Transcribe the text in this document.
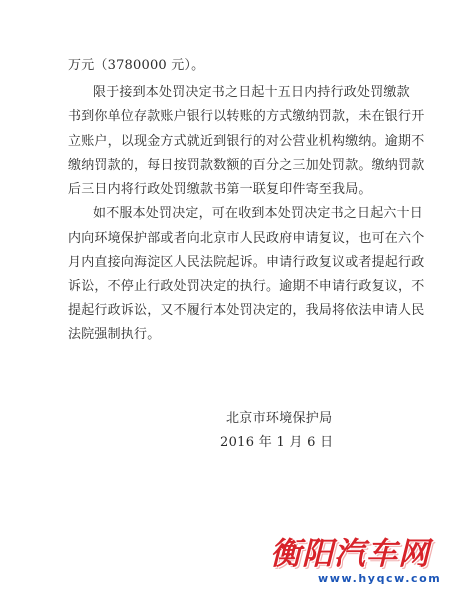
万元（3780000 元）。
限于接到本处罚决定书之日起十五日内持行政处罚缴款
书到你单位存款账户银行以转账的方式缴纳罚款，未在银行开
立账户，以现金方式就近到银行的对公营业机构缴纳。逾期不
缴纳罚款的，每日按罚款数额的百分之三加处罚款。缴纳罚款
后三日内将行政处罚缴款书第一联复印件寄至我局。
如不服本处罚决定，可在收到本处罚决定书之日起六十日
内向环境保护部或者向北京市人民政府申请复议，也可在六个
月内直接向海淀区人民法院起诉。申请行政复议或者提起行政
诉讼，不停止行政处罚决定的执行。逾期不申请行政复议，不
提起行政诉讼，又不履行本处罚决定的，我局将依法申请人民
法院强制执行。
北京市环境保护局
2016 年 1 月 6 日
衡阳汽车网
www.hyqcw.com
